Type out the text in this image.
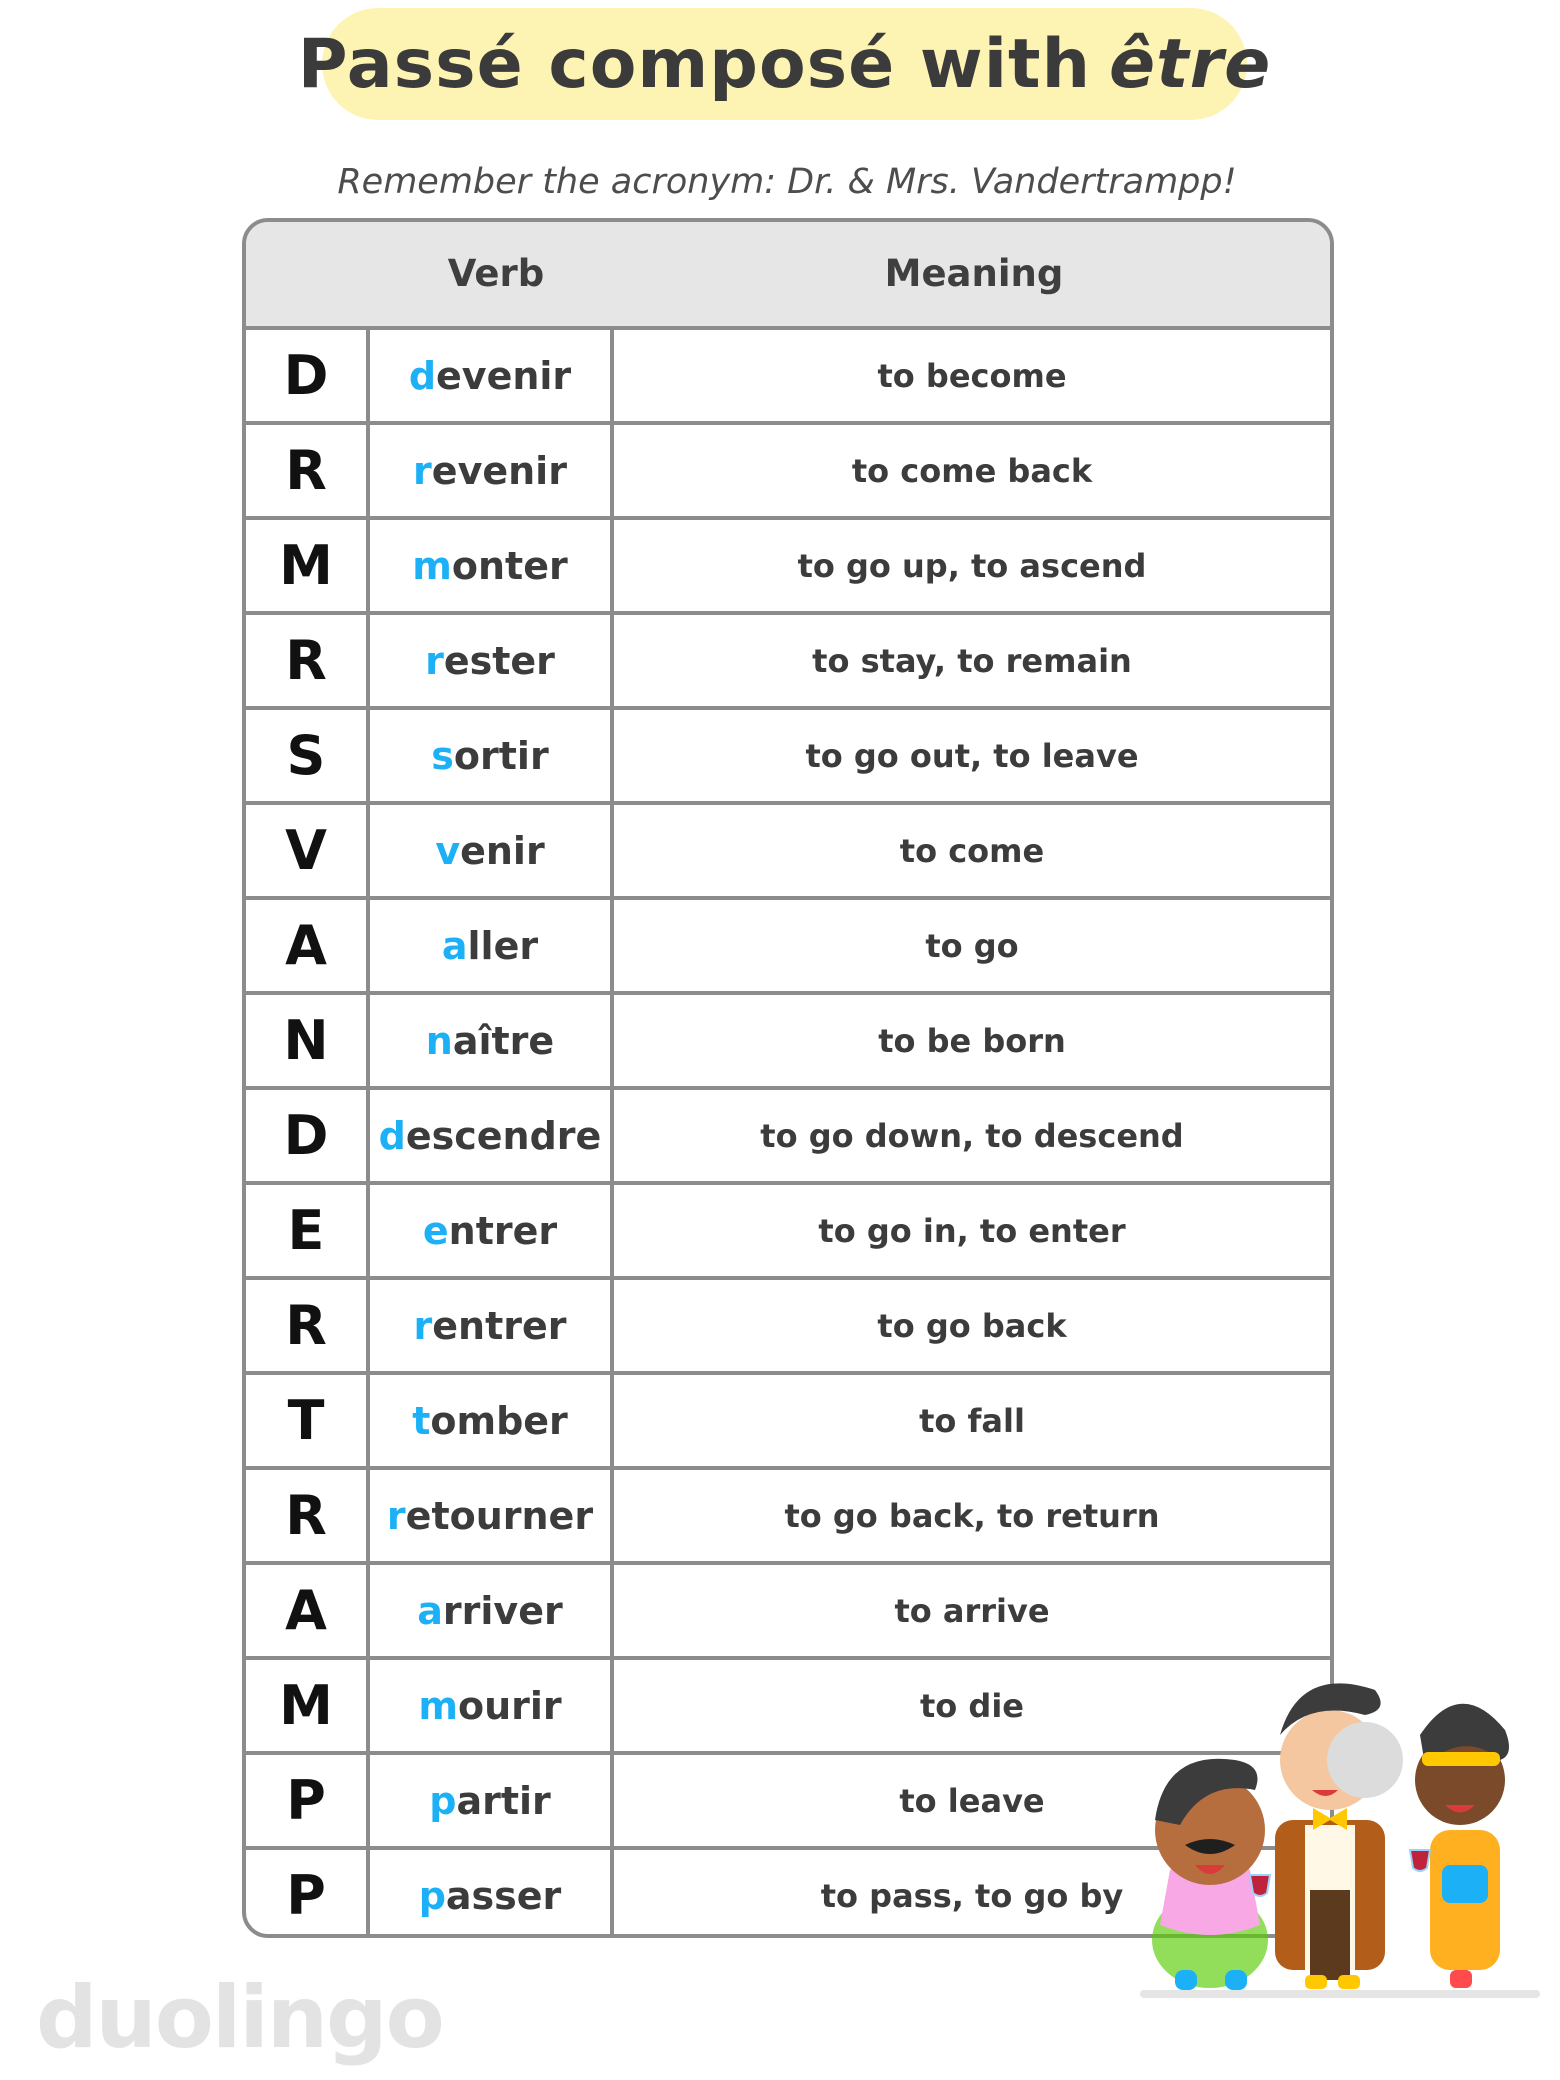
Passé composé with être
Remember the acronym: Dr. & Mrs. Vandertrampp!
Verb	Meaning
D	d evenir	to become
R	r evenir	to come back
M	m onter	to go up, to ascend
R	r ester	to stay, to remain
S	s ortir	to go out, to leave
V	v enir	to come
A	a ller	to go
N	n aître	to be born
D	d escendre	to go down, to descend
E	e ntrer	to go in, to enter
R	r entrer	to go back
T	t omber	to fall
R	r etourner	to go back, to return
A	a rriver	to arrive
M	m ourir	to die
P	p artir	to leave
P	p asser	to pass, to go by
duolingo
